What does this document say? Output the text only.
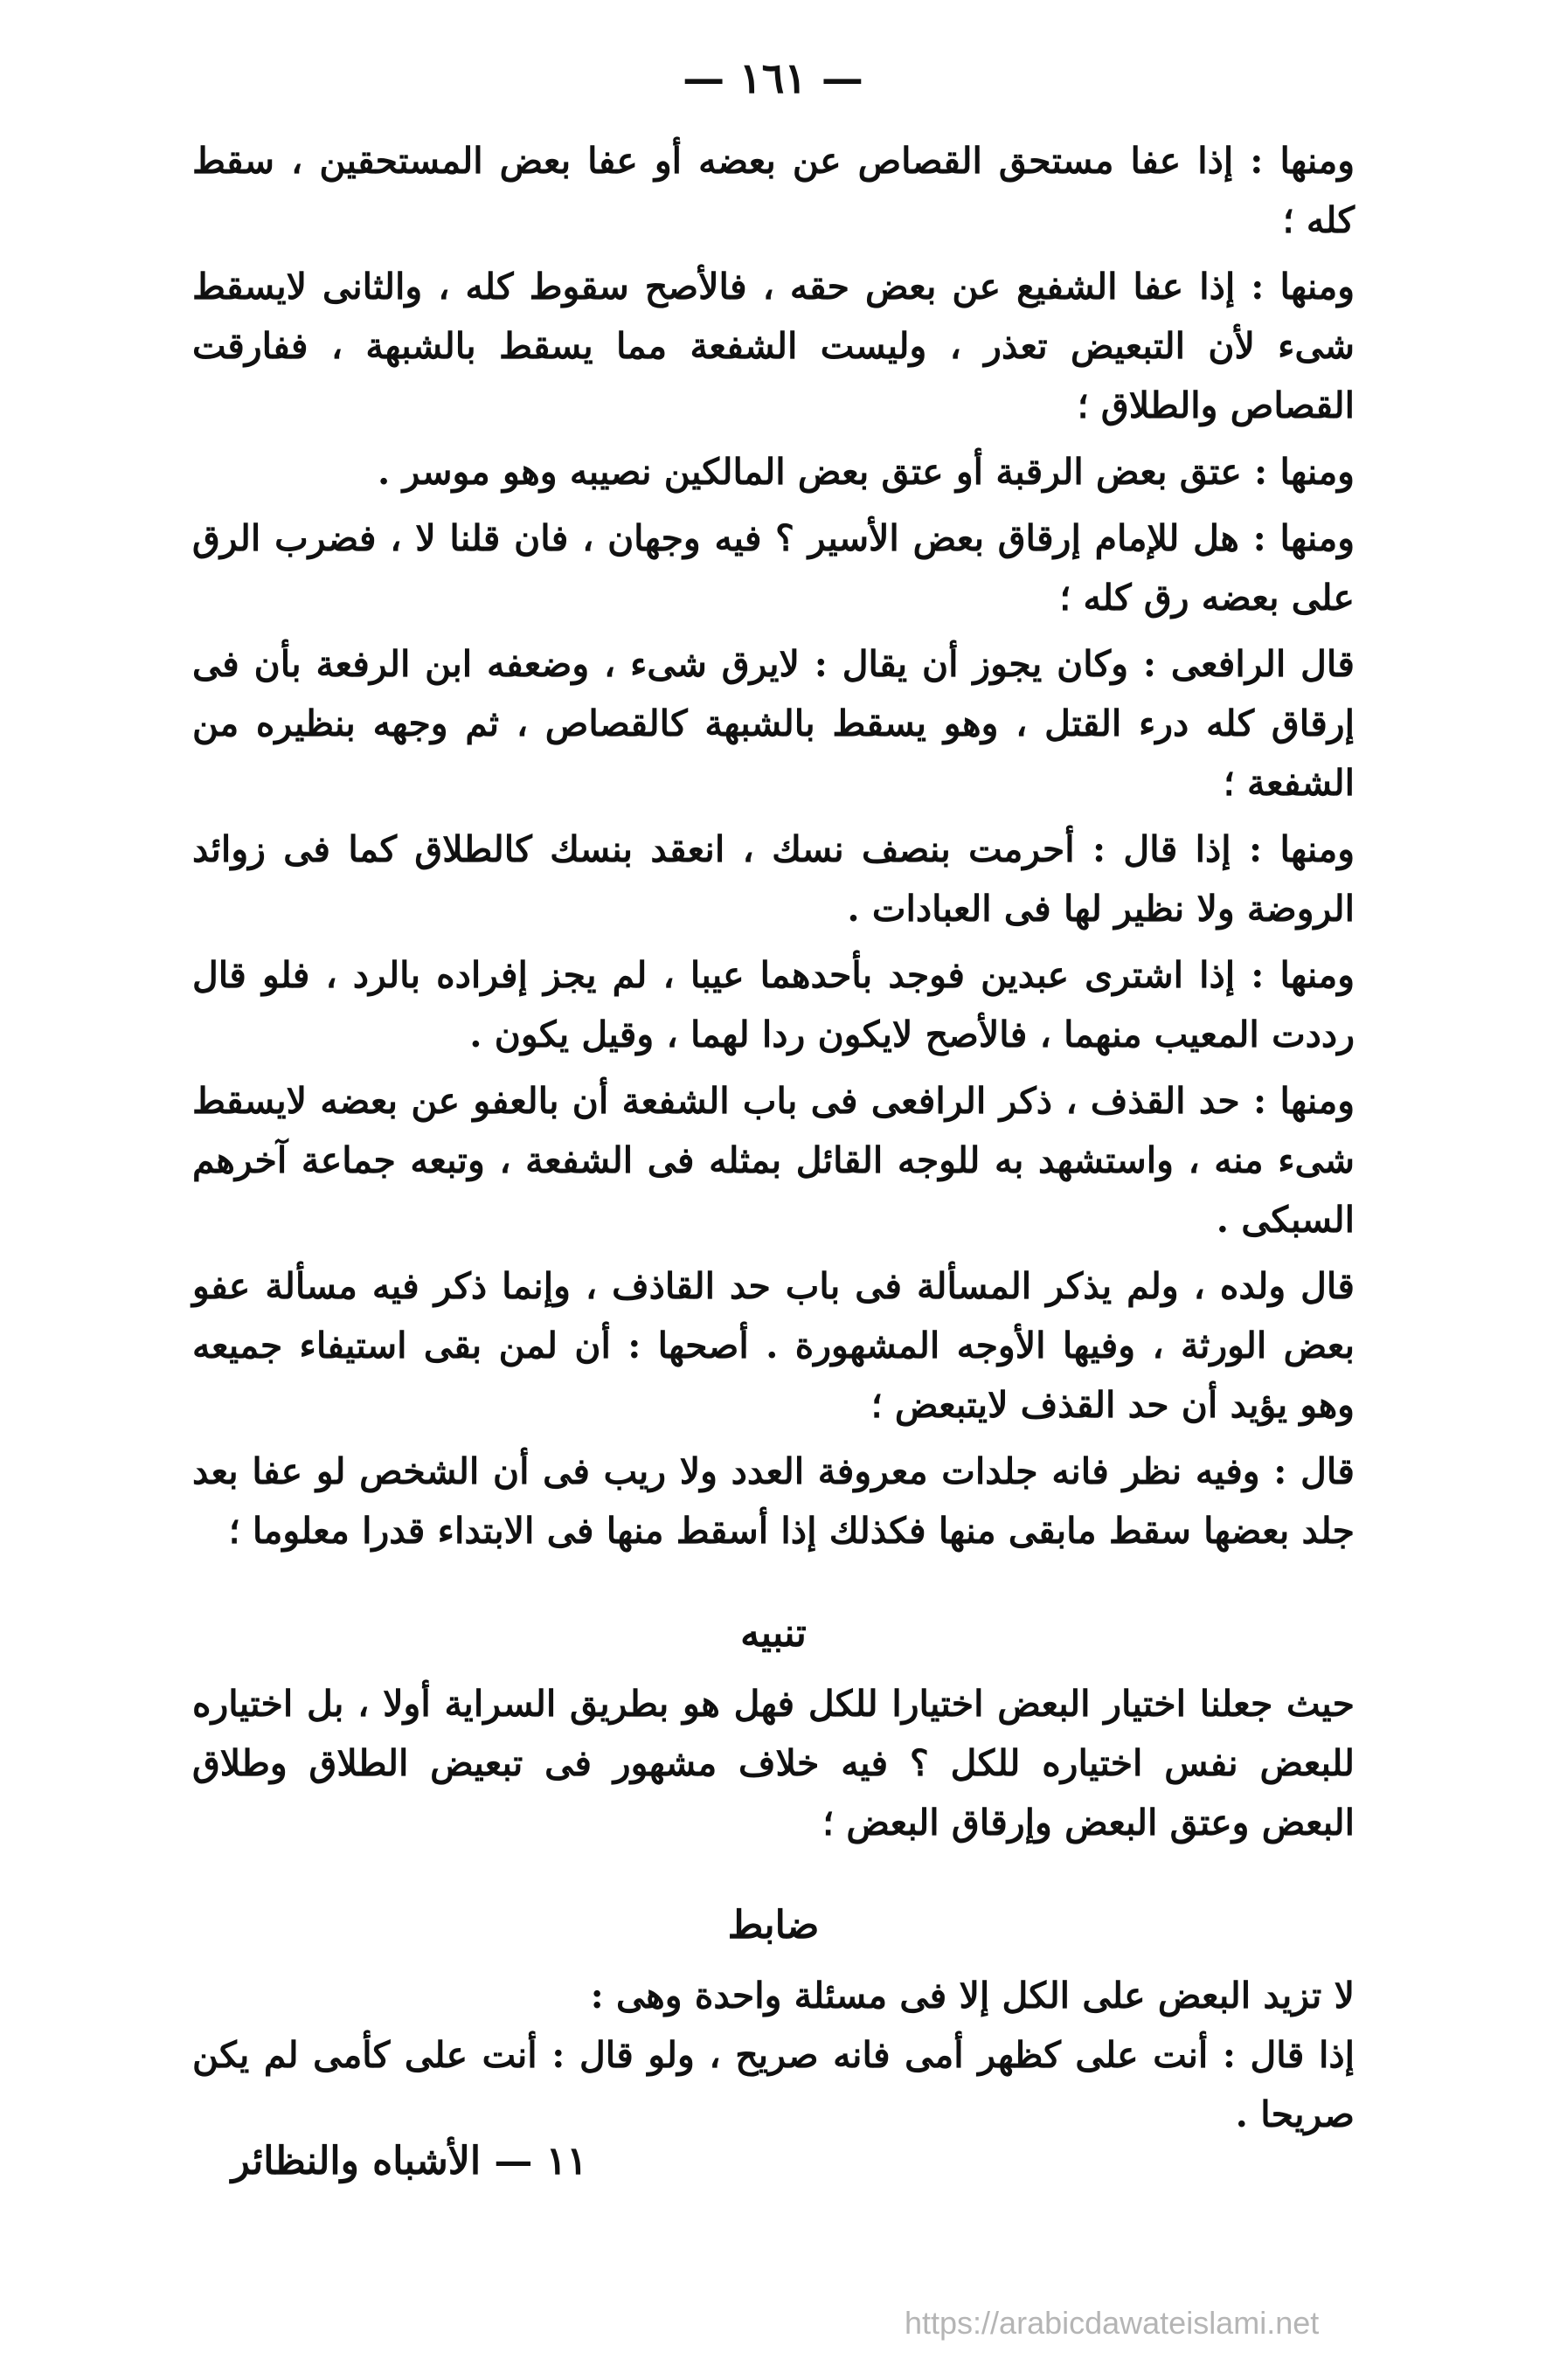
— ١٦١ —

ومنها : إذا عفا مستحق القصاص عن بعضه أو عفا بعض المستحقين ، سقط كله ؛

ومنها : إذا عفا الشفيع عن بعض حقه ، فالأصح سقوط كله ، والثانى لايسقط شىء لأن التبعيض تعذر ، وليست الشفعة مما يسقط بالشبهة ، ففارقت القصاص والطلاق ؛

ومنها : عتق بعض الرقبة أو عتق بعض المالكين نصيبه وهو موسر .

ومنها : هل للإمام إرقاق بعض الأسير ؟ فيه وجهان ، فان قلنا لا ، فضرب الرق على بعضه رق كله ؛

قال الرافعى : وكان يجوز أن يقال : لايرق شىء ، وضعفه ابن الرفعة بأن فى إرقاق كله درء القتل ، وهو يسقط بالشبهة كالقصاص ، ثم وجهه بنظيره من الشفعة ؛

ومنها : إذا قال : أحرمت بنصف نسك ، انعقد بنسك كالطلاق كما فى زوائد الروضة ولا نظير لها فى العبادات .

ومنها : إذا اشترى عبدين فوجد بأحدهما عيبا ، لم يجز إفراده بالرد ، فلو قال رددت المعيب منهما ، فالأصح لايكون ردا لهما ، وقيل يكون .

ومنها : حد القذف ، ذكر الرافعى فى باب الشفعة أن بالعفو عن بعضه لايسقط شىء منه ، واستشهد به للوجه القائل بمثله فى الشفعة ، وتبعه جماعة آخرهم السبكى .

قال ولده ، ولم يذكر المسألة فى باب حد القاذف ، وإنما ذكر فيه مسألة عفو بعض الورثة ، وفيها الأوجه المشهورة . أصحها : أن لمن بقى استيفاء جميعه وهو يؤيد أن حد القذف لايتبعض ؛

قال : وفيه نظر فانه جلدات معروفة العدد ولا ريب فى أن الشخص لو عفا بعد جلد بعضها سقط مابقى منها فكذلك إذا أسقط منها فى الابتداء قدرا معلوما ؛

تنبيه

حيث جعلنا اختيار البعض اختيارا للكل فهل هو بطريق السراية أولا ، بل اختياره للبعض نفس اختياره للكل ؟ فيه خلاف مشهور فى تبعيض الطلاق وطلاق البعض وعتق البعض وإرقاق البعض ؛

ضابط

لا تزيد البعض على الكل إلا فى مسئلة واحدة وهى :

إذا قال : أنت على كظهر أمى فانه صريح ، ولو قال : أنت على كأمى لم يكن صريحا .

١١ — الأشباه والنظائر
https://arabicdawateislami.net
